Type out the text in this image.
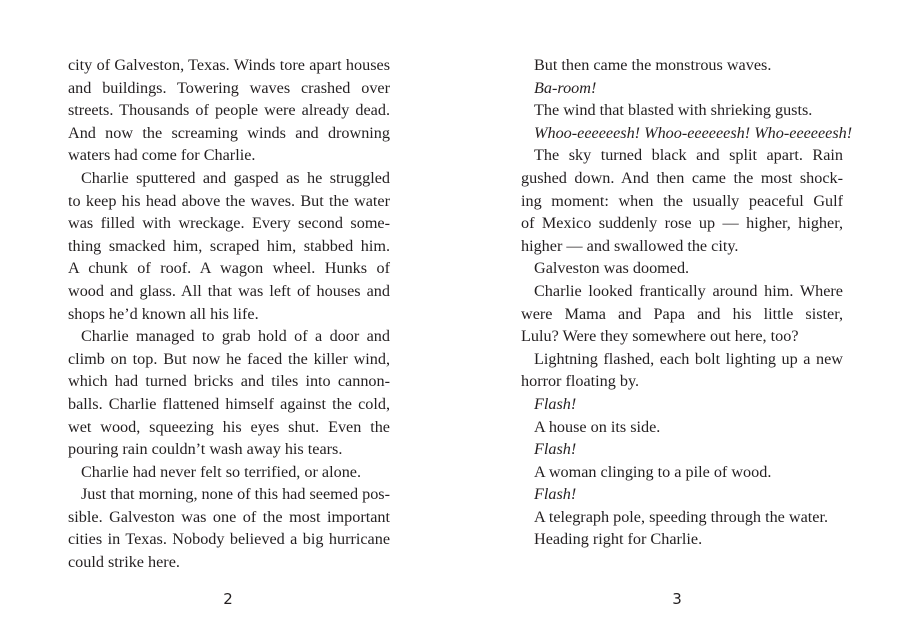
city of Galveston, Texas. Winds tore apart houses
and buildings. Towering waves crashed over
streets. Thousands of people were already dead.
And now the screaming winds and drowning
waters had come for Charlie.
Charlie sputtered and gasped as he struggled
to keep his head above the waves. But the water
was filled with wreckage. Every second some-
thing smacked him, scraped him, stabbed him.
A chunk of roof. A wagon wheel. Hunks of
wood and glass. All that was left of houses and
shops he’d known all his life.
Charlie managed to grab hold of a door and
climb on top. But now he faced the killer wind,
which had turned bricks and tiles into cannon-
balls. Charlie flattened himself against the cold,
wet wood, squeezing his eyes shut. Even the
pouring rain couldn’t wash away his tears.
Charlie had never felt so terrified, or alone.
Just that morning, none of this had seemed pos-
sible. Galveston was one of the most important
cities in Texas. Nobody believed a big hurricane
could strike here.
2
But then came the monstrous waves.
Ba-room!
The wind that blasted with shrieking gusts.
Whoo-eeeeeesh! Whoo-eeeeeesh! Who-eeeeeesh!
The sky turned black and split apart. Rain
gushed down. And then came the most shock-
ing moment: when the usually peaceful Gulf
of Mexico suddenly rose up — higher, higher,
higher — and swallowed the city.
Galveston was doomed.
Charlie looked frantically around him. Where
were Mama and Papa and his little sister,
Lulu? Were they somewhere out here, too?
Lightning flashed, each bolt lighting up a new
horror floating by.
Flash!
A house on its side.
Flash!
A woman clinging to a pile of wood.
Flash!
A telegraph pole, speeding through the water.
Heading right for Charlie.
3
